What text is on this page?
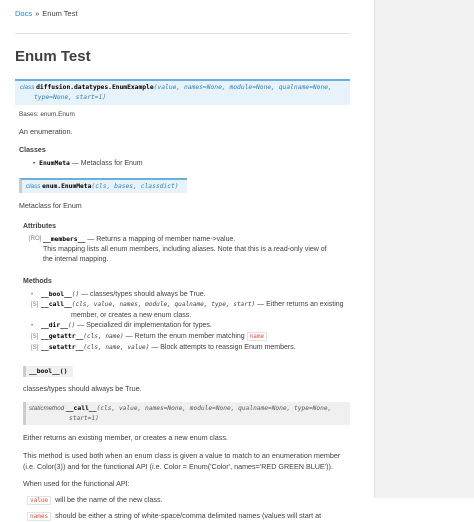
Docs » Enum Test
Enum Test
class diffusion.datatypes.EnumExample(value, names=None, module=None, qualname=None,
type=None, start=1)
Bases: enum.Enum
An enumeration.
Classes
• EnumMeta — Metaclass for Enum
class enum.EnumMeta(cls, bases, classdict)
Metaclass for Enum
Attributes
[RO] __members__ — Returns a mapping of member name->value.
This mapping lists all enum members, including aliases. Note that this is a read-only view of the internal mapping.
Methods
•	__bool__() — classes/types should always be True.
[S] __call__(cls, value, names, module, qualname, type, start) — Either returns an existing
member, or creates a new enum class.
•	__dir__() — Specialized dir implementation for types.
[S] __getattr__(cls, name) — Return the enum member matching name
[S] __setattr__(cls, name, value) — Block attempts to reassign Enum members.
__bool__()
classes/types should always be True.
staticmethod __call__(cls, value, names=None, module=None, qualname=None, type=None,
start=1)
Either returns an existing member, or creates a new enum class.
This method is used both when an enum class is given a value to match to an enumeration member (i.e. Color(3)) and for the functional API (i.e. Color = Enum('Color', names='RED GREEN BLUE')).
When used for the functional API:
value will be the name of the new class.
names should be either a string of white-space/comma delimited names (values will start at
